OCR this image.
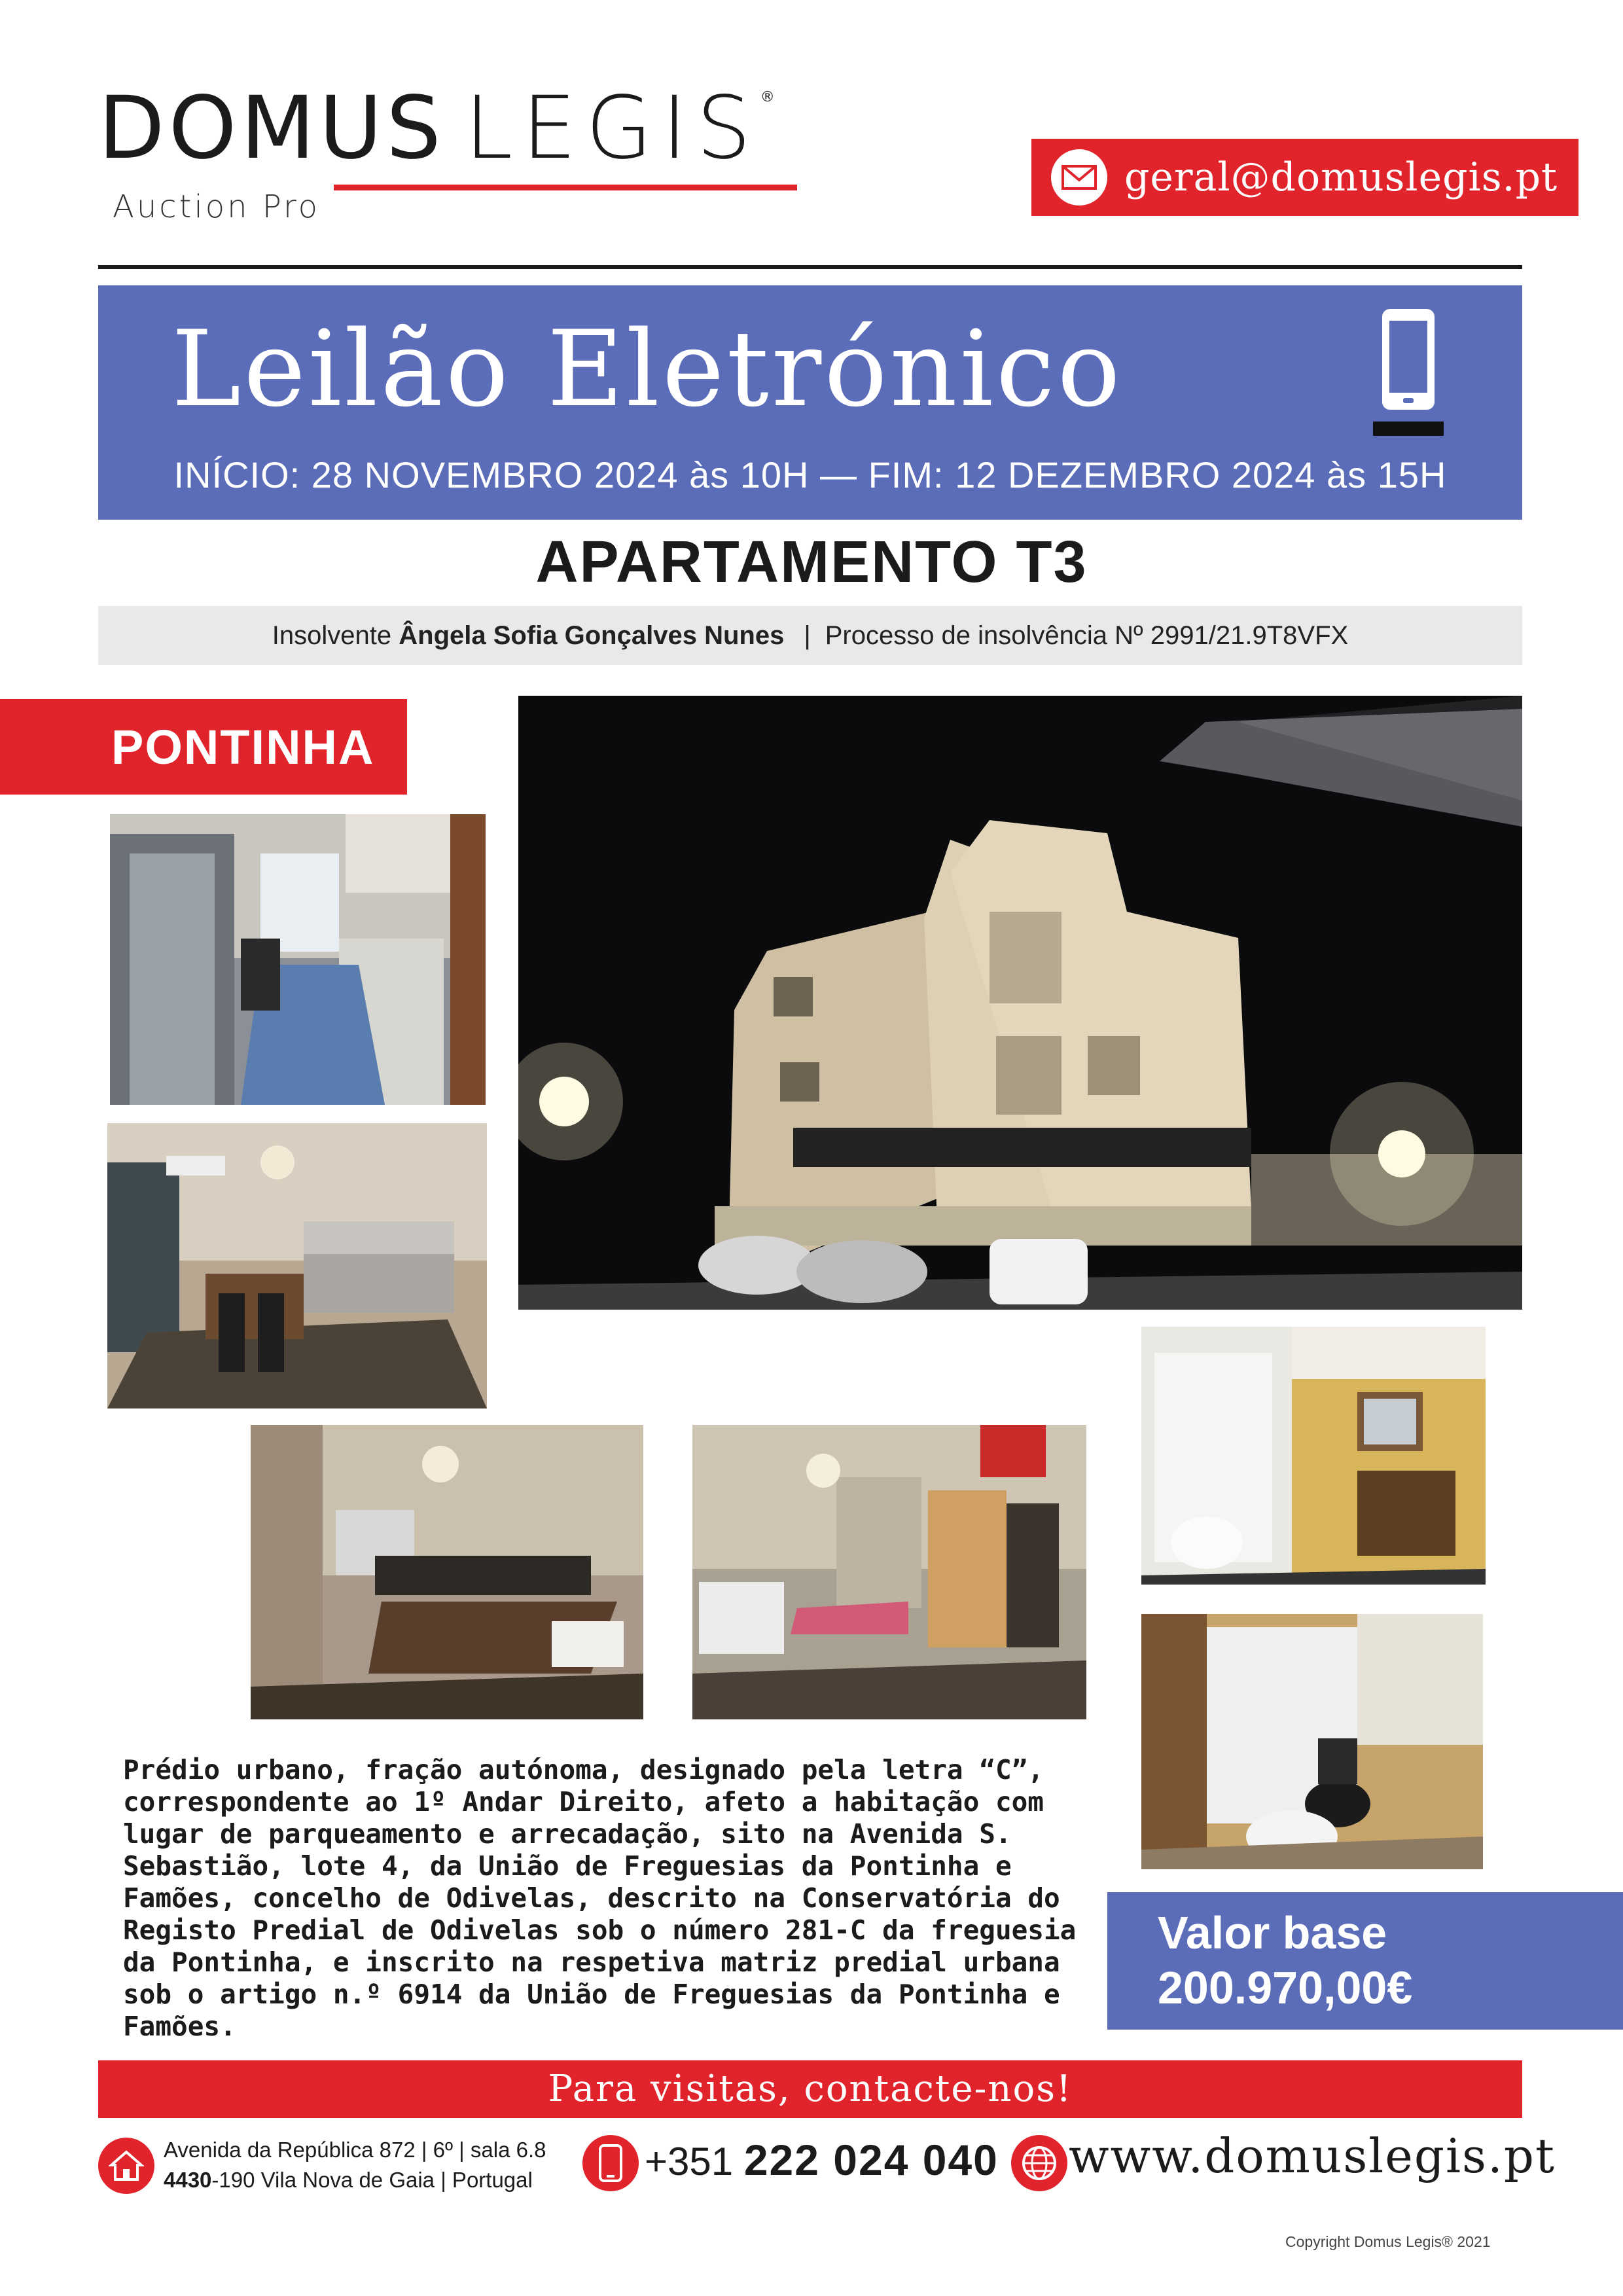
DOMUS LEGIS®
Auction Pro
geral@domuslegis.pt
Leilão Eletrónico
INÍCIO: 28 NOVEMBRO 2024 às 10H — FIM: 12 DEZEMBRO 2024 às 15H
APARTAMENTO T3
Insolvente
Ângela Sofia Gonçalves Nunes | Processo de insolvência Nº 2991/21.9T8VFX
PONTINHA
Prédio urbano, fração autónoma, designado pela letra “C”, correspondente ao 1º Andar Direito, afeto a habitação com lugar de parqueamento e arrecadação, sito na Avenida S. Sebastião, lote 4, da União de Freguesias da Pontinha e Famões, concelho de Odivelas, descrito na Conservatória do Registo Predial de Odivelas sob o número 281-C da freguesia da Pontinha, e inscrito na respetiva matriz predial urbana sob o artigo n.º 6914 da União de Freguesias da Pontinha e Famões.
Valor base
200.970,00€
Para visitas, contacte-nos!
Avenida da República 872 | 6º | sala 6.8
4430-190 Vila Nova de Gaia | Portugal	+351 222 024 040 www.domuslegis.pt
Copyright Domus Legis® 2021
